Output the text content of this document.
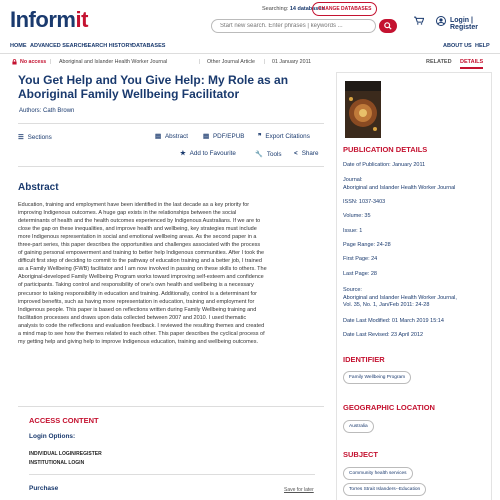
Informit	Searching: 14 databases
CHANGE DATABASES
Start new search. Enter phrases | keywords ...
Login | Register
HOME ADVANCED SEARCH
SEARCH HISTORY DATABASES	ABOUT US HELP
No access | Aboriginal and Islander Health Worker Journal	| Other Journal Article | 01 January 2011	RELATED DETAILS
You Get Help and You Give Help: My Role as an
Aboriginal Family Wellbeing Facilitator
Authors: Cath Brown
☰ Sections	▤ Abstract ▤ PDF/EPUB ❞ Export Citations
★ Add to Favourite	🔧 Tools < Share
Abstract
Education, training and employment have been identified in the last decade as a key priority for
improving Indigenous outcomes. A huge gap exists in the relationships between the social
determinants of health and the health outcomes experienced by Indigenous Australians. If we are to
close the gap on these inequalities, and improve health and wellbeing, key strategies must include
more Indigenous representation in social and emotional wellbeing areas. As the second paper in a
three-part series, this paper describes the opportunities and challenges associated with the process
of gaining personal empowerment and training to better help Indigenous communities. After I took the
difficult first step of deciding to commit to the pathway of education training and a better job, I trained
as a Family Wellbeing (FWB) facilitator and I am now involved in passing on these skills to others. The
Aboriginal-developed Family Wellbeing Program works toward improving self-esteem and confidence
of participants. Taking control and responsibility of one's own health and wellbeing is a necessary
precursor to taking responsibility in education and training. Additionally, control is a determinant for
improved benefits, such as having more representation in education, training and employment for
Indigenous people. This paper is based on reflections written during Family Wellbeing training and
facilitation processes and draws upon data collected between 2007 and 2010. I used thematic
analysis to code the reflections and evaluation feedback. I reviewed the resulting themes and created
a mind map to see how the themes related to each other. This paper describes the cyclical process of
my getting help and giving help to improve Indigenous education, training and wellbeing outcomes.
ACCESS CONTENT
Login Options:
INDIVIDUAL LOGIN/REGISTER
INSTITUTIONAL LOGIN
Purchase	Save for later
PUBLICATION DETAILS
Date of Publication: January 2011
Journal:
Aboriginal and Islander Health Worker Journal
ISSN: 1037-3403
Volume: 35
Issue: 1
Page Range: 24-28
First Page: 24
Last Page: 28
Source:
Aboriginal and Islander Health Worker Journal,
Vol. 35, No. 1, Jan/Feb 2011: 24-28
Date Last Modified: 01 March 2019 15:14
Date Last Revised: 23 April 2012
IDENTIFIER
Family Wellbeing Program
GEOGRAPHIC LOCATION
Australia
SUBJECT
Community health services
Torres Strait Islanders--Education
